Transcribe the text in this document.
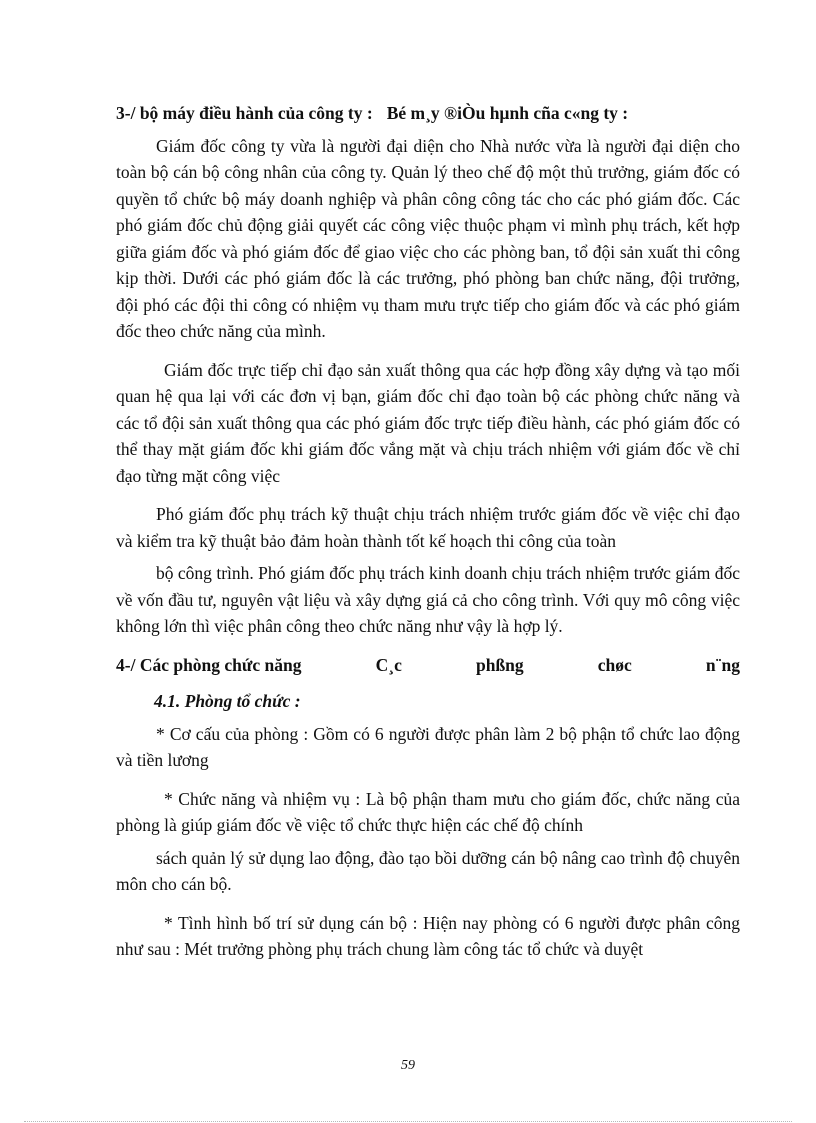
3-/ bộ máy điều hành của công ty : Bé m¸y ®iÒu hµnh cña c«ng ty :

Giám đốc công ty vừa là người đại diện cho Nhà nước vừa là người đại diện cho toàn bộ cán bộ công nhân của công ty. Quản lý theo chế độ một thủ trưởng, giám đốc có quyền tổ chức bộ máy doanh nghiệp và phân công công tác cho các phó giám đốc. Các phó giám đốc chủ động giải quyết các công việc thuộc phạm vi mình phụ trách, kết hợp giữa giám đốc và phó giám đốc để giao việc cho các phòng ban, tổ đội sản xuất thi công kịp thời. Dưới các phó giám đốc là các trưởng, phó phòng ban chức năng, đội trưởng, đội phó các đội thi công có nhiệm vụ tham mưu trực tiếp cho giám đốc và các phó giám đốc theo chức năng của mình.

Giám đốc trực tiếp chỉ đạo sản xuất thông qua các hợp đồng xây dựng và tạo mối quan hệ qua lại với các đơn vị bạn, giám đốc chỉ đạo toàn bộ các phòng chức năng và các tổ đội sản xuất thông qua các phó giám đốc trực tiếp điều hành, các phó giám đốc có thể thay mặt giám đốc khi giám đốc vắng mặt và chịu trách nhiệm với giám đốc về chỉ đạo từng mặt công việc

Phó giám đốc phụ trách kỹ thuật chịu trách nhiệm trước giám đốc về việc chỉ đạo và kiểm tra kỹ thuật bảo đảm hoàn thành tốt kế hoạch thi công của toàn

bộ công trình. Phó giám đốc phụ trách kinh doanh chịu trách nhiệm trước giám đốc về vốn đầu tư, nguyên vật liệu và xây dựng giá cả cho công trình. Với quy mô công việc không lớn thì việc phân công theo chức năng như vậy là hợp lý.

4-/ Các phòng chức năng	C¸c	phßng	chøc	n¨ng

4.1. Phòng tổ chức :

* Cơ cấu của phòng : Gồm có 6 người được phân làm 2 bộ phận tổ chức lao động và tiền lương

* Chức năng và nhiệm vụ : Là bộ phận tham mưu cho giám đốc, chức năng của phòng là giúp giám đốc về việc tổ chức thực hiện các chế độ chính

sách quản lý sử dụng lao động, đào tạo bồi dưỡng cán bộ nâng cao trình độ chuyên môn cho cán bộ.

* Tình hình bố trí sử dụng cán bộ : Hiện nay phòng có 6 người được phân công như sau : Mét trưởng phòng phụ trách chung làm công tác tổ chức và duyệt

59
